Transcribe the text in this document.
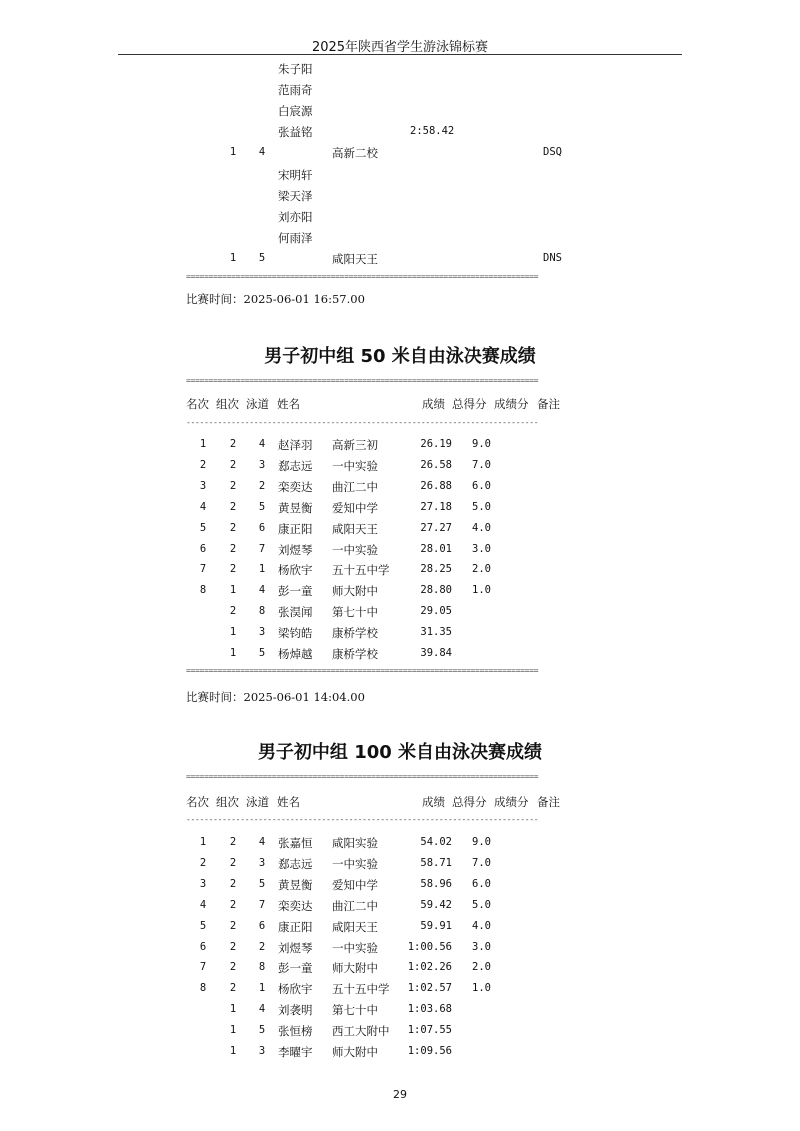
2025年陕西省学生游泳锦标赛
朱子阳
范雨奇
白宸源
张益铭	2:58.42
1	4	高新二校	DSQ
宋明轩
梁天泽
刘亦阳
何雨泽
1	5	咸阳天王	DNS
==============================================================================
比赛时间：2025-06-01 16:57.00
男子初中组 50 米自由泳决赛成绩
==============================================================================
名次 组次 泳道 姓名	成绩 总得分 成绩分 备注
------------------------------------------------------------------------------
1	2	4	赵泽羽 高新三初	26.19 9.0
2	2	3	郄志远 一中实验	26.58 7.0
3	2	2	栾奕达 曲江二中	26.88 6.0
4	2	5	黄昱衡 爱知中学	27.18 5.0
5	2	6	康正阳 咸阳天王	27.27 4.0
6	2	7	刘煜琴 一中实验	28.01 3.0
7	2	1	杨欣宇 五十五中学	28.25 2.0
8	1	4	彭一童 师大附中	28.80 1.0
2	8	张淏闻 第七十中	29.05
1	3	梁钧皓 康桥学校	31.35
1	5	杨焯越 康桥学校	39.84
==============================================================================
比赛时间：2025-06-01 14:04.00
男子初中组 100 米自由泳决赛成绩
==============================================================================
名次 组次 泳道 姓名	成绩 总得分 成绩分 备注
------------------------------------------------------------------------------
1	2	4	张嘉恒 咸阳实验	54.02 9.0
2	2	3	郄志远 一中实验	58.71 7.0
3	2	5	黄昱衡 爱知中学	58.96 6.0
4	2	7	栾奕达 曲江二中	59.42 5.0
5	2	6	康正阳 咸阳天王	59.91 4.0
6	2	2	刘煜琴 一中实验	1:00.56 3.0
7	2	8	彭一童 师大附中	1:02.26 2.0
8	2	1	杨欣宇 五十五中学	1:02.57 1.0
1	4	刘袭明 第七十中	1:03.68
1	5	张恒榜 西工大附中	1:07.55
1	3	李曜宇 师大附中	1:09.56
29
